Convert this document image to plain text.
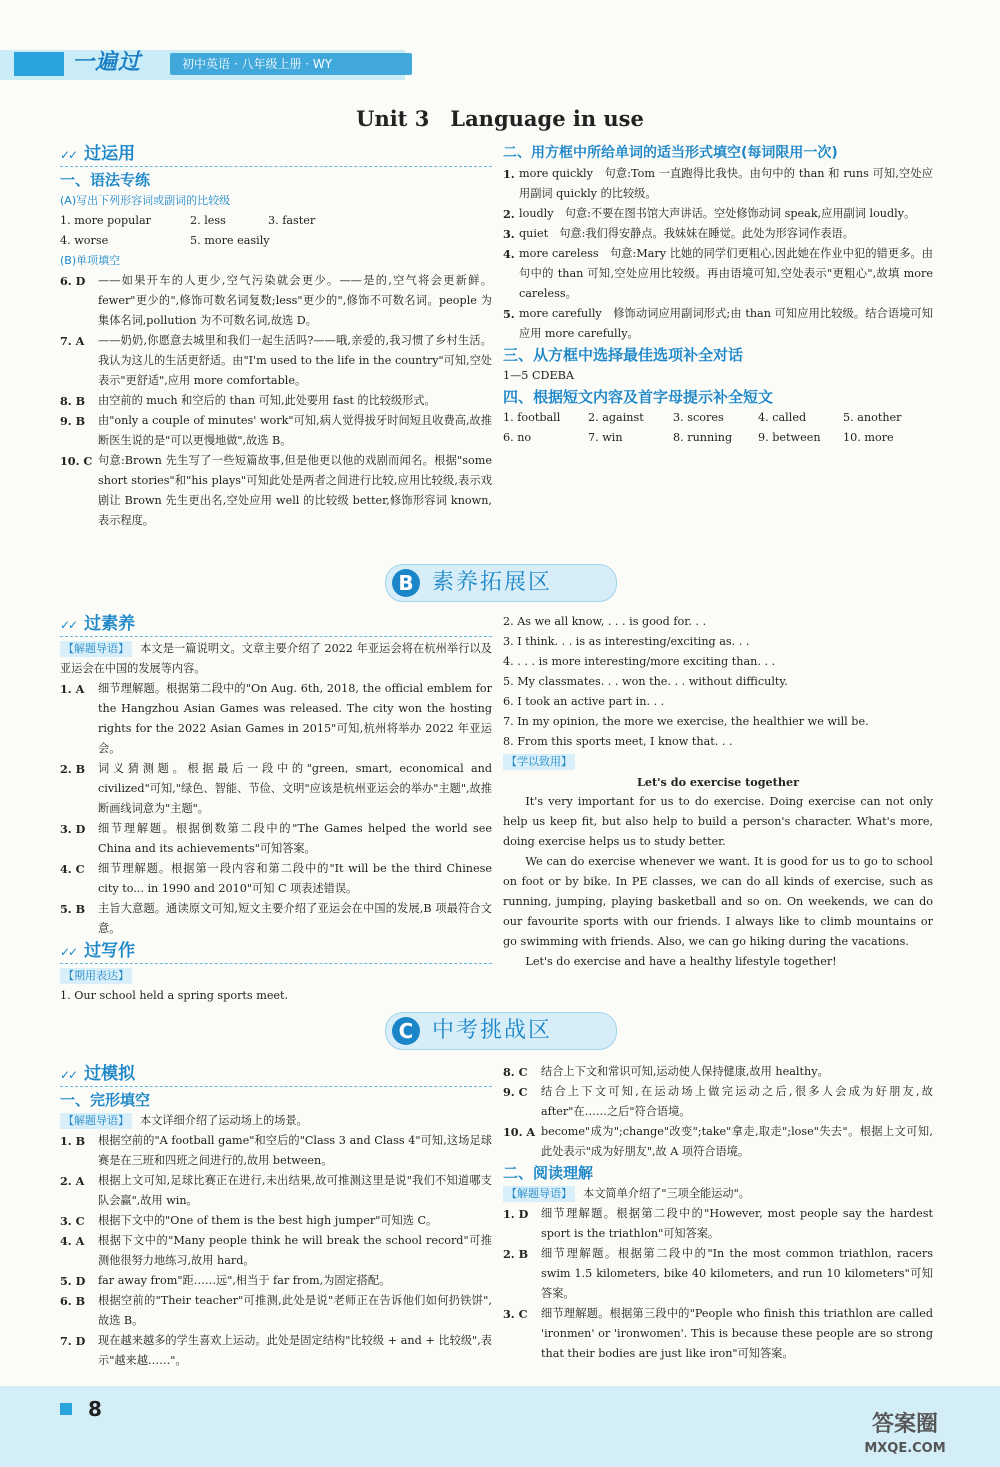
一遍过	初中英语 · 八年级上册 · WY
Unit 3　Language in use
✓✓ 过运用
一、语法专练
(A)写出下列形容词或副词的比较级
1. more popular	2. less	3. faster
4. worse	5. more easily
(B)单项填空
6. D	——如果开车的人更少,空气污染就会更少。——是的,空气将会更新鲜。fewer"更少的",修饰可数名词复数;less"更少的",修饰不可数名词。people 为集体名词,pollution 为不可数名词,故选 D。
7. A	——奶奶,你愿意去城里和我们一起生活吗?——哦,亲爱的,我习惯了乡村生活。我认为这儿的生活更舒适。由"I'm used to the life in the country"可知,空处表示"更舒适",应用 more comfortable。
8. B	由空前的 much 和空后的 than 可知,此处要用 fast 的比较级形式。
9. B	由"only a couple of minutes' work"可知,病人觉得拔牙时间短且收费高,故推断医生说的是"可以更慢地做",故选 B。
10. C 句意:Brown 先生写了一些短篇故事,但是他更以他的戏剧而闻名。根据"some short stories"和"his plays"可知此处是两者之间进行比较,应用比较级,表示戏剧让 Brown 先生更出名,空处应用 well 的比较级 better,修饰形容词 known,表示程度。
二、用方框中所给单词的适当形式填空(每词限用一次)
1. more quickly　句意:Tom 一直跑得比我快。由句中的 than 和 runs 可知,空处应用副词 quickly 的比较级。
2. loudly　句意:不要在图书馆大声讲话。空处修饰动词 speak,应用副词 loudly。
3. quiet　句意:我们得安静点。我妹妹在睡觉。此处为形容词作表语。
4. more careless　句意:Mary 比她的同学们更粗心,因此她在作业中犯的错更多。由句中的 than 可知,空处应用比较级。再由语境可知,空处表示"更粗心",故填 more careless。
5. more carefully　修饰动词应用副词形式;由 than 可知应用比较级。结合语境可知应用 more carefully。
三、从方框中选择最佳选项补全对话
1—5 CDEBA
四、根据短文内容及首字母提示补全短文
1. football	2. against	3. scores	4. called	5. another
6. no	7. win	8. running	9. between	10. more
B 素养拓展区
✓✓ 过素养
【解题导语】 本文是一篇说明文。文章主要介绍了 2022 年亚运会将在杭州举行以及亚运会在中国的发展等内容。
1. A	细节理解题。根据第二段中的"On Aug. 6th, 2018, the official emblem for the Hangzhou Asian Games was released. The city won the hosting rights for the 2022 Asian Games in 2015"可知,杭州将举办 2022 年亚运会。
2. B	词义猜测题。根据最后一段中的"green, smart, economical and civilized"可知,"绿色、智能、节俭、文明"应该是杭州亚运会的举办"主题",故推断画线词意为"主题"。
3. D	细节理解题。根据倒数第二段中的"The Games helped the world see China and its achievements"可知答案。
4. C	细节理解题。根据第一段内容和第二段中的"It will be the third Chinese city to... in 1990 and 2010"可知 C 项表述错误。
5. B	主旨大意题。通读原文可知,短文主要介绍了亚运会在中国的发展,B 项最符合文意。
✓✓ 过写作
【期用表达】
1. Our school held a spring sports meet.
2. As we all know, . . . is good for. . .
3. I think. . . is as interesting/exciting as. . .
4. . . . is more interesting/more exciting than. . .
5. My classmates. . . won the. . . without difficulty.
6. I took an active part in. . .
7. In my opinion, the more we exercise, the healthier we will be.
8. From this sports meet, I know that. . .
【学以致用】
Let's do exercise together
It's very important for us to do exercise. Doing exercise can not only help us keep fit, but also help to build a person's character. What's more, doing exercise helps us to study better.
We can do exercise whenever we want. It is good for us to go to school on foot or by bike. In PE classes, we can do all kinds of exercise, such as running, jumping, playing basketball and so on. On weekends, we can do our favourite sports with our friends. I always like to climb mountains or go swimming with friends. Also, we can go hiking during the vacations.
Let's do exercise and have a healthy lifestyle together!
C 中考挑战区
✓✓ 过模拟
一、完形填空
【解题导语】 本文详细介绍了运动场上的场景。
1. B	根据空前的"A football game"和空后的"Class 3 and Class 4"可知,这场足球赛是在三班和四班之间进行的,故用 between。
2. A	根据上文可知,足球比赛正在进行,未出结果,故可推测这里是说"我们不知道哪支队会赢",故用 win。
3. C	根据下文中的"One of them is the best high jumper"可知选 C。
4. A	根据下文中的"Many people think he will break the school record"可推测他很努力地练习,故用 hard。
5. D	far away from"距……远",相当于 far from,为固定搭配。
6. B	根据空前的"Their teacher"可推测,此处是说"老师正在告诉他们如何扔铁饼",故选 B。
7. D	现在越来越多的学生喜欢上运动。此处是固定结构"比较级 + and + 比较级",表示"越来越……"。
8. C	结合上下文和常识可知,运动使人保持健康,故用 healthy。
9. C	结合上下文可知,在运动场上做完运动之后,很多人会成为好朋友,故 after"在……之后"符合语境。
10. A become"成为";change"改变";take"拿走,取走";lose"失去"。根据上文可知,此处表示"成为好朋友",故 A 项符合语境。
二、阅读理解
【解题导语】 本文简单介绍了"三项全能运动"。
1. D	细节理解题。根据第二段中的"However, most people say the hardest sport is the triathlon"可知答案。
2. B	细节理解题。根据第二段中的"In the most common triathlon, racers swim 1.5 kilometers, bike 40 kilometers, and run 10 kilometers"可知答案。
3. C	细节理解题。根据第三段中的"People who finish this triathlon are called 'ironmen' or 'ironwomen'. This is because these people are so strong that their bodies are just like iron"可知答案。
8
答案圈
MXQE.COM
